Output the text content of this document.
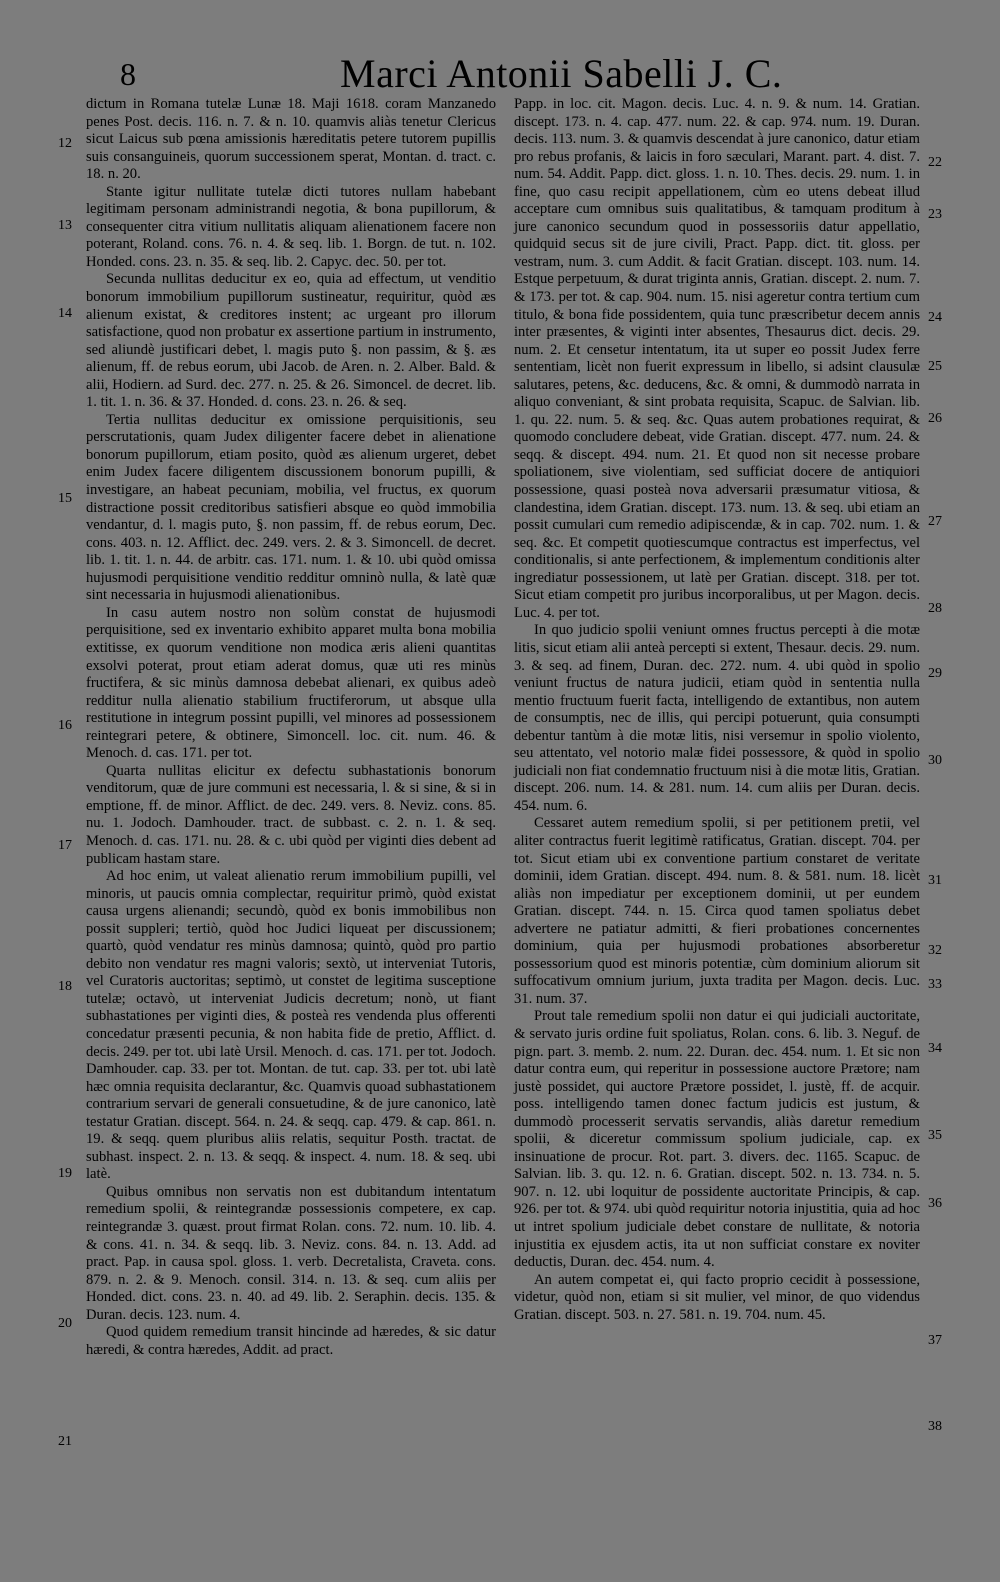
8	Marci Antonii Sabelli J. C.

dictum in Romana tutelæ Lunæ 18. Maji 1618. coram Manzanedo penes Post. decis. 116. n. 7. & n. 10. quamvis aliàs tenetur Clericus sicut Laicus sub pœna amissionis hæreditatis petere tutorem pupillis suis consanguineis, quorum successionem sperat, Montan. d. tract. c. 18. n. 20.

Stante igitur nullitate tutelæ dicti tutores nullam habebant legitimam personam administrandi negotia, & bona pupillorum, & consequenter citra vitium nullitatis aliquam alienationem facere non poterant, Roland. cons. 76. n. 4. & seq. lib. 1. Borgn. de tut. n. 102. Honded. cons. 23. n. 35. & seq. lib. 2. Capyc. dec. 50. per tot.

Secunda nullitas deducitur ex eo, quia ad effectum, ut venditio bonorum immobilium pupillorum sustineatur, requiritur, quòd æs alienum existat, & creditores instent; ac urgeant pro illorum satisfactione, quod non probatur ex assertione partium in instrumento, sed aliundè justificari debet, l. magis puto §. non passim, & §. æs alienum, ff. de rebus eorum, ubi Jacob. de Aren. n. 2. Alber. Bald. & alii, Hodiern. ad Surd. dec. 277. n. 25. & 26. Simoncel. de decret. lib. 1. tit. 1. n. 36. & 37. Honded. d. cons. 23. n. 26. & seq.

Tertia nullitas deducitur ex omissione perquisitionis, seu perscrutationis, quam Judex diligenter facere debet in alienatione bonorum pupillorum, etiam posito, quòd æs alienum urgeret, debet enim Judex facere diligentem discussionem bonorum pupilli, & investigare, an habeat pecuniam, mobilia, vel fructus, ex quorum distractione possit creditoribus satisfieri absque eo quòd immobilia vendantur, d. l. magis puto, §. non passim, ff. de rebus eorum, Dec. cons. 403. n. 12. Afflict. dec. 249. vers. 2. & 3. Simoncell. de decret. lib. 1. tit. 1. n. 44. de arbitr. cas. 171. num. 1. & 10. ubi quòd omissa hujusmodi perquisitione venditio redditur omninò nulla, & latè quæ sint necessaria in hujusmodi alienationibus.

In casu autem nostro non solùm constat de hujusmodi perquisitione, sed ex inventario exhibito apparet multa bona mobilia extitisse, ex quorum venditione non modica æris alieni quantitas exsolvi poterat, prout etiam aderat domus, quæ uti res minùs fructifera, & sic minùs damnosa debebat alienari, ex quibus adeò redditur nulla alienatio stabilium fructiferorum, ut absque ulla restitutione in integrum possint pupilli, vel minores ad possessionem reintegrari petere, & obtinere, Simoncell. loc. cit. num. 46. & Menoch. d. cas. 171. per tot.

Quarta nullitas elicitur ex defectu subhastationis bonorum venditorum, quæ de jure communi est necessaria, l. & si sine, & si in emptione, ff. de minor. Afflict. de dec. 249. vers. 8. Neviz. cons. 85. nu. 1. Jodoch. Damhouder. tract. de subbast. c. 2. n. 1. & seq. Menoch. d. cas. 171. nu. 28. & c. ubi quòd per viginti dies debent ad publicam hastam stare.

Ad hoc enim, ut valeat alienatio rerum immobilium pupilli, vel minoris, ut paucis omnia complectar, requiritur primò, quòd existat causa urgens alienandi; secundò, quòd ex bonis immobilibus non possit suppleri; tertiò, quòd hoc Judici liqueat per discussionem; quartò, quòd vendatur res minùs damnosa; quintò, quòd pro partio debito non vendatur res magni valoris; sextò, ut interveniat Tutoris, vel Curatoris auctoritas; septimò, ut constet de legitima susceptione tutelæ; octavò, ut interveniat Judicis decretum; nonò, ut fiant subhastationes per viginti dies, & posteà res vendenda plus offerenti concedatur præsenti pecunia, & non habita fide de pretio, Afflict. d. decis. 249. per tot. ubi latè Ursil. Menoch. d. cas. 171. per tot. Jodoch. Damhouder. cap. 33. per tot. Montan. de tut. cap. 33. per tot. ubi latè hæc omnia requisita declarantur, &c. Quamvis quoad subhastationem contrarium servari de generali consuetudine, & de jure canonico, latè testatur Gratian. discept. 564. n. 24. & seqq. cap. 479. & cap. 861. n. 19. & seqq. quem pluribus aliis relatis, sequitur Posth. tractat. de subhast. inspect. 2. n. 13. & seqq. & inspect. 4. num. 18. & seq. ubi latè.

Quibus omnibus non servatis non est dubitandum intentatum remedium spolii, & reintegrandæ possessionis competere, ex cap. reintegrandæ 3. quæst. prout firmat Rolan. cons. 72. num. 10. lib. 4. & cons. 41. n. 34. & seqq. lib. 3. Neviz. cons. 84. n. 13. Add. ad pract. Pap. in causa spol. gloss. 1. verb. Decretalista, Craveta. cons. 879. n. 2. & 9. Menoch. consil. 314. n. 13. & seq. cum aliis per Honded. dict. cons. 23. n. 40. ad 49. lib. 2. Seraphin. decis. 135. & Duran. decis. 123. num. 4.

Quod quidem remedium transit hincinde ad hæredes, & sic datur hæredi, & contra hæredes, Addit. ad pract.

Papp. in loc. cit. Magon. decis. Luc. 4. n. 9. & num. 14. Gratian. discept. 173. n. 4. cap. 477. num. 22. & cap. 974. num. 19. Duran. decis. 113. num. 3. & quamvis descendat à jure canonico, datur etiam pro rebus profanis, & laicis in foro sæculari, Marant. part. 4. dist. 7. num. 54. Addit. Papp. dict. gloss. 1. n. 10. Thes. decis. 29. num. 1. in fine, quo casu recipit appellationem, cùm eo utens debeat illud acceptare cum omnibus suis qualitatibus, & tamquam proditum à jure canonico secundum quod in possessoriis datur appellatio, quidquid secus sit de jure civili, Pract. Papp. dict. tit. gloss. per vestram, num. 3. cum Addit. & facit Gratian. discept. 103. num. 14. Estque perpetuum, & durat triginta annis, Gratian. discept. 2. num. 7. & 173. per tot. & cap. 904. num. 15. nisi ageretur contra tertium cum titulo, & bona fide possidentem, quia tunc præscribetur decem annis inter præsentes, & viginti inter absentes, Thesaurus dict. decis. 29. num. 2. Et censetur intentatum, ita ut super eo possit Judex ferre sententiam, licèt non fuerit expressum in libello, si adsint clausulæ salutares, petens, &c. deducens, &c. & omni, & dummodò narrata in aliquo conveniant, & sint probata requisita, Scapuc. de Salvian. lib. 1. qu. 22. num. 5. & seq. &c. Quas autem probationes requirat, & quomodo concludere debeat, vide Gratian. discept. 477. num. 24. & seqq. & discept. 494. num. 21. Et quod non sit necesse probare spoliationem, sive violentiam, sed sufficiat docere de antiquiori possessione, quasi posteà nova adversarii præsumatur vitiosa, & clandestina, idem Gratian. discept. 173. num. 13. & seq. ubi etiam an possit cumulari cum remedio adipiscendæ, & in cap. 702. num. 1. & seq. &c. Et competit quotiescumque contractus est imperfectus, vel conditionalis, si ante perfectionem, & implementum conditionis alter ingrediatur possessionem, ut latè per Gratian. discept. 318. per tot. Sicut etiam competit pro juribus incorporalibus, ut per Magon. decis. Luc. 4. per tot.

In quo judicio spolii veniunt omnes fructus percepti à die motæ litis, sicut etiam alii anteà percepti si extent, Thesaur. decis. 29. num. 3. & seq. ad finem, Duran. dec. 272. num. 4. ubi quòd in spolio veniunt fructus de natura judicii, etiam quòd in sententia nulla mentio fructuum fuerit facta, intelligendo de extantibus, non autem de consumptis, nec de illis, qui percipi potuerunt, quia consumpti debentur tantùm à die motæ litis, nisi versemur in spolio violento, seu attentato, vel notorio malæ fidei possessore, & quòd in spolio judiciali non fiat condemnatio fructuum nisi à die motæ litis, Gratian. discept. 206. num. 14. & 281. num. 14. cum aliis per Duran. decis. 454. num. 6.

Cessaret autem remedium spolii, si per petitionem pretii, vel aliter contractus fuerit legitimè ratificatus, Gratian. discept. 704. per tot. Sicut etiam ubi ex conventione partium constaret de veritate dominii, idem Gratian. discept. 494. num. 8. & 581. num. 18. licèt aliàs non impediatur per exceptionem dominii, ut per eundem Gratian. discept. 744. n. 15. Circa quod tamen spoliatus debet advertere ne patiatur admitti, & fieri probationes concernentes dominium, quia per hujusmodi probationes absorberetur possessorium quod est minoris potentiæ, cùm dominium aliorum sit suffocativum omnium jurium, juxta tradita per Magon. decis. Luc. 31. num. 37.

Prout tale remedium spolii non datur ei qui judiciali auctoritate, & servato juris ordine fuit spoliatus, Rolan. cons. 6. lib. 3. Neguf. de pign. part. 3. memb. 2. num. 22. Duran. dec. 454. num. 1. Et sic non datur contra eum, qui reperitur in possessione auctore Prætore; nam justè possidet, qui auctore Prætore possidet, l. justè, ff. de acquir. poss. intelligendo tamen donec factum judicis est justum, & dummodò processerit servatis servandis, aliàs daretur remedium spolii, & diceretur commissum spolium judiciale, cap. ex insinuatione de procur. Rot. part. 3. divers. dec. 1165. Scapuc. de Salvian. lib. 3. qu. 12. n. 6. Gratian. discept. 502. n. 13. 734. n. 5. 907. n. 12. ubi loquitur de possidente auctoritate Principis, & cap. 926. per tot. & 974. ubi quòd requiritur notoria injustitia, quia ad hoc ut intret spolium judiciale debet constare de nullitate, & notoria injustitia ex ejusdem actis, ita ut non sufficiat constare ex noviter deductis, Duran. dec. 454. num. 4.

An autem competat ei, qui facto proprio cecidit à possessione, videtur, quòd non, etiam si sit mulier, vel minor, de quo videndus Gratian. discept. 503. n. 27. 581. n. 19. 704. num. 45.

12
13
14
15
16
17
18
19
20
21
22
23
24
25
26
27
28
29
30
31
32
33
34
35
36
37
38
